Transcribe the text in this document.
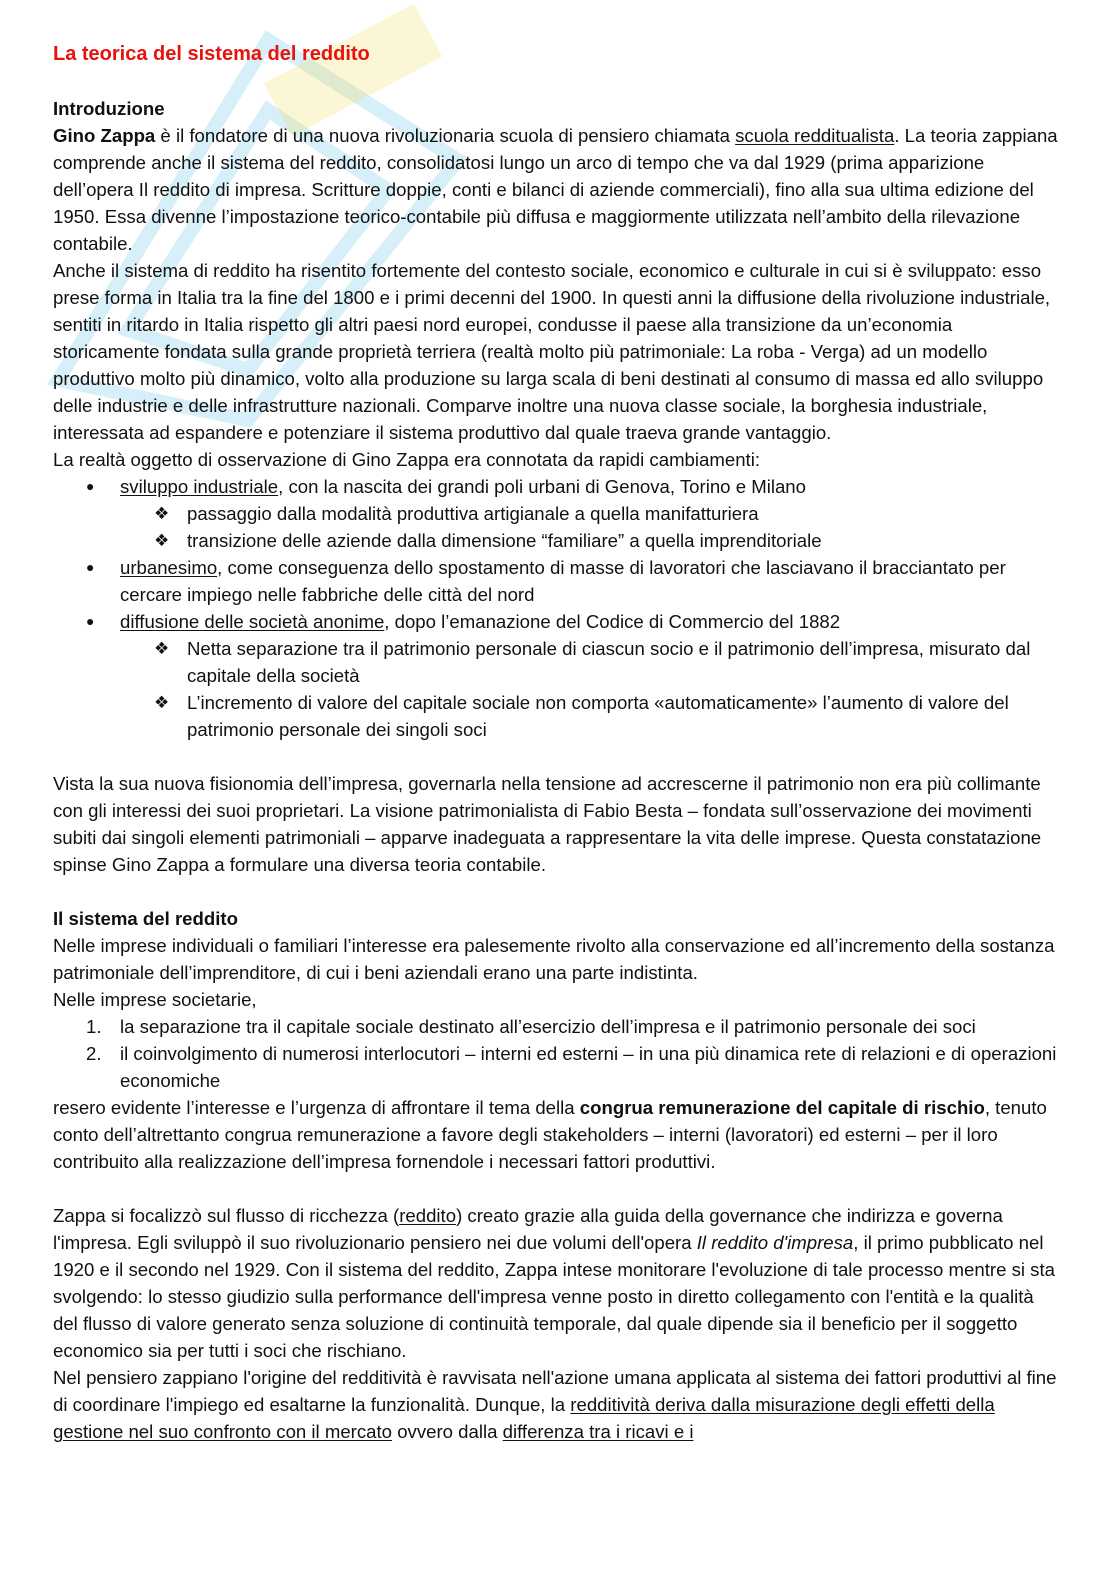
La teorica del sistema del reddito

Introduzione

Gino Zappa è il fondatore di una nuova rivoluzionaria scuola di pensiero chiamata scuola redditualista. La teoria zappiana comprende anche il sistema del reddito, consolidatosi lungo un arco di tempo che va dal 1929 (prima apparizione dell’opera Il reddito di impresa. Scritture doppie, conti e bilanci di aziende commerciali), fino alla sua ultima edizione del 1950. Essa divenne l’impostazione teorico-contabile più diffusa e maggiormente utilizzata nell’ambito della rilevazione contabile.

Anche il sistema di reddito ha risentito fortemente del contesto sociale, economico e culturale in cui si è sviluppato: esso prese forma in Italia tra la fine del 1800 e i primi decenni del 1900. In questi anni la diffusione della rivoluzione industriale, sentiti in ritardo in Italia rispetto gli altri paesi nord europei, condusse il paese alla transizione da un’economia storicamente fondata sulla grande proprietà terriera (realtà molto più patrimoniale: La roba - Verga) ad un modello produttivo molto più dinamico, volto alla produzione su larga scala di beni destinati al consumo di massa ed allo sviluppo delle industrie e delle infrastrutture nazionali. Comparve inoltre una nuova classe sociale, la borghesia industriale, interessata ad espandere e potenziare il sistema produttivo dal quale traeva grande vantaggio.

La realtà oggetto di osservazione di Gino Zappa era connotata da rapidi cambiamenti:

● sviluppo industriale, con la nascita dei grandi poli urbani di Genova, Torino e Milano
❖ passaggio dalla modalità produttiva artigianale a quella manifatturiera
❖ transizione delle aziende dalla dimensione “familiare” a quella imprenditoriale
● urbanesimo, come conseguenza dello spostamento di masse di lavoratori che lasciavano il bracciantato per cercare impiego nelle fabbriche delle città del nord
● diffusione delle società anonime, dopo l’emanazione del Codice di Commercio del 1882
❖ Netta separazione tra il patrimonio personale di ciascun socio e il patrimonio dell’impresa, misurato dal capitale della società
❖ L’incremento di valore del capitale sociale non comporta «automaticamente» l’aumento di valore del patrimonio personale dei singoli soci

Vista la sua nuova fisionomia dell’impresa, governarla nella tensione ad accrescerne il patrimonio non era più collimante con gli interessi dei suoi proprietari. La visione patrimonialista di Fabio Besta – fondata sull’osservazione dei movimenti subiti dai singoli elementi patrimoniali – apparve inadeguata a rappresentare la vita delle imprese. Questa constatazione spinse Gino Zappa a formulare una diversa teoria contabile.

Il sistema del reddito

Nelle imprese individuali o familiari l’interesse era palesemente rivolto alla conservazione ed all’incremento della sostanza patrimoniale dell’imprenditore, di cui i beni aziendali erano una parte indistinta.

Nelle imprese societarie,

1. la separazione tra il capitale sociale destinato all’esercizio dell’impresa e il patrimonio personale dei soci
2. il coinvolgimento di numerosi interlocutori – interni ed esterni – in una più dinamica rete di relazioni e di operazioni economiche

resero evidente l’interesse e l’urgenza di affrontare il tema della congrua remunerazione del capitale di rischio, tenuto conto dell’altrettanto congrua remunerazione a favore degli stakeholders – interni (lavoratori) ed esterni – per il loro contribuito alla realizzazione dell’impresa fornendole i necessari fattori produttivi.

Zappa si focalizzò sul flusso di ricchezza (reddito) creato grazie alla guida della governance che indirizza e governa l'impresa. Egli sviluppò il suo rivoluzionario pensiero nei due volumi dell'opera Il reddito d'impresa, il primo pubblicato nel 1920 e il secondo nel 1929. Con il sistema del reddito, Zappa intese monitorare l'evoluzione di tale processo mentre si sta svolgendo: lo stesso giudizio sulla performance dell'impresa venne posto in diretto collegamento con l'entità e la qualità del flusso di valore generato senza soluzione di continuità temporale, dal quale dipende sia il beneficio per il soggetto economico sia per tutti i soci che rischiano.

Nel pensiero zappiano l'origine del redditività è ravvisata nell'azione umana applicata al sistema dei fattori produttivi al fine di coordinare l'impiego ed esaltarne la funzionalità. Dunque, la redditività deriva dalla misurazione degli effetti della gestione nel suo confronto con il mercato ovvero dalla differenza tra i ricavi e i
